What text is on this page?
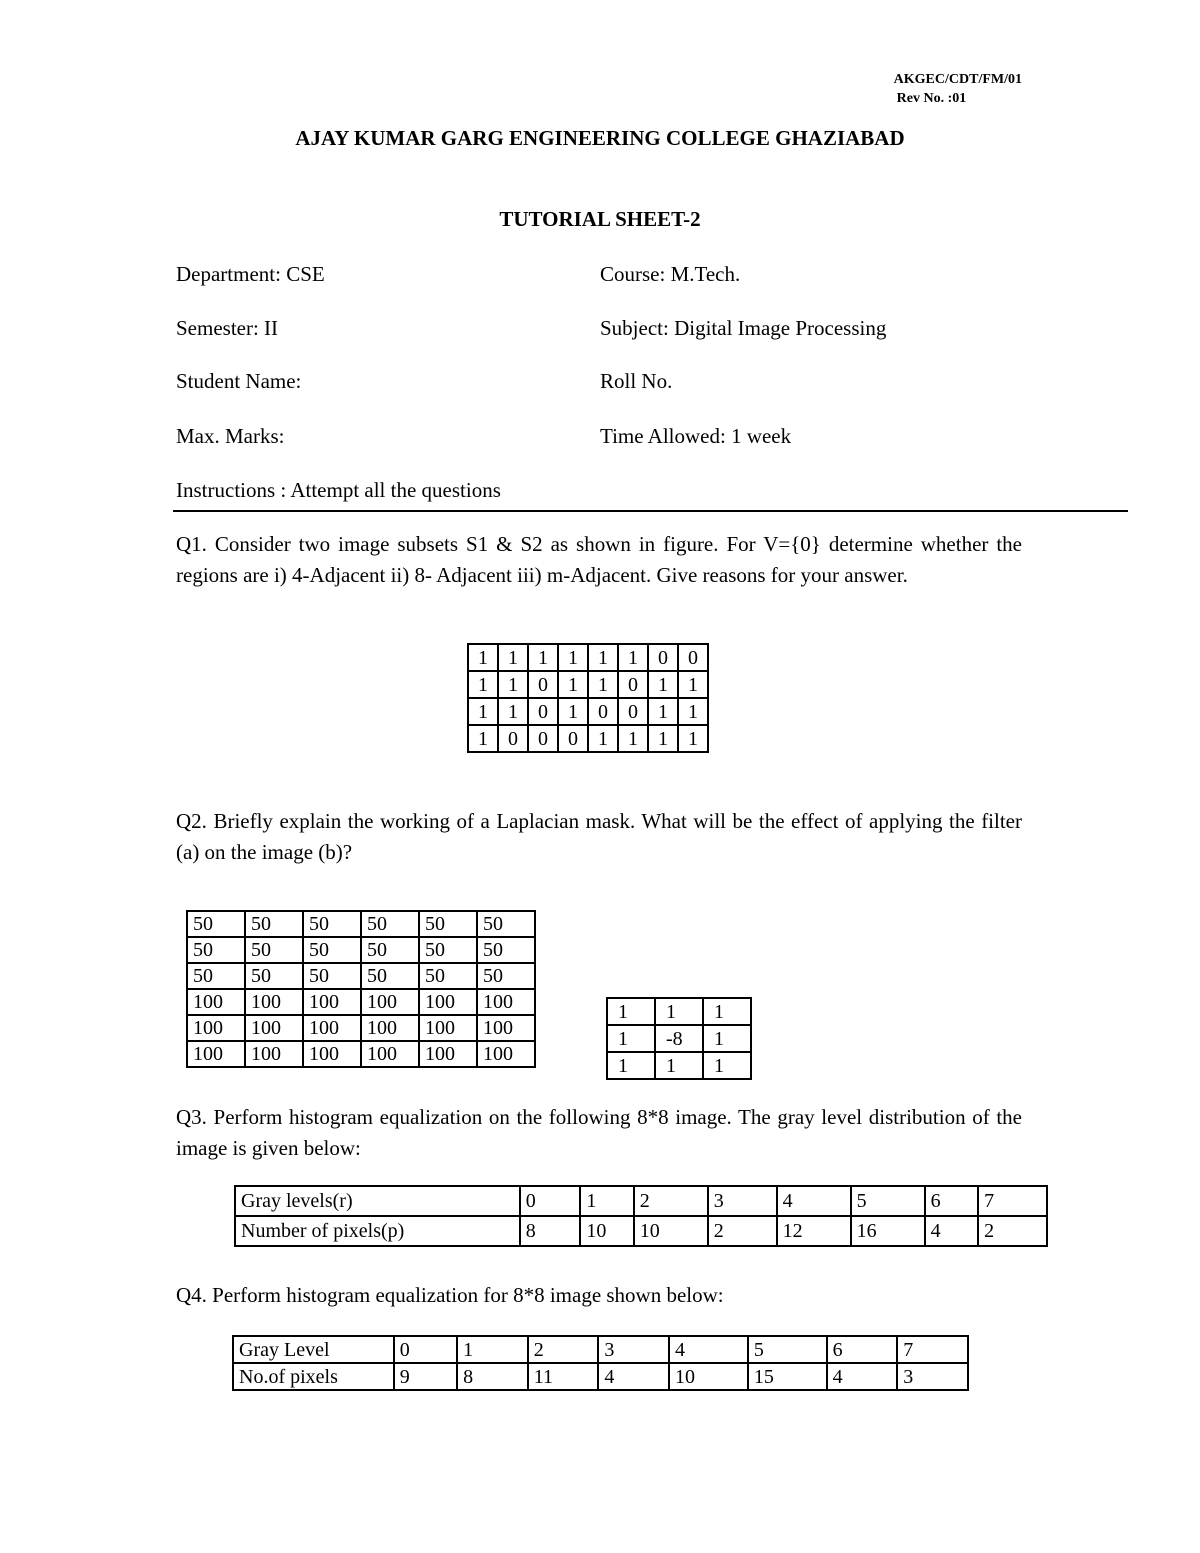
AKGEC/CDT/FM/01
Rev No. :01
AJAY KUMAR GARG ENGINEERING COLLEGE GHAZIABAD
TUTORIAL SHEET-2
Department: CSE	Course: M.Tech.
Semester: II	Subject: Digital Image Processing
Student Name:	Roll No.
Max. Marks:	Time Allowed: 1 week
Instructions : Attempt all the questions
Q1. Consider two image subsets S1 & S2 as shown in figure. For V={0} determine whether the regions are i) 4-Adjacent ii) 8- Adjacent iii) m-Adjacent. Give reasons for your answer.
1	1	1	1	1	1	0	0
1	1	0	1	1	0	1	1
1	1	0	1	0	0	1	1
1	0	0	0	1	1	1	1
Q2. Briefly explain the working of a Laplacian mask. What will be the effect of applying the filter (a) on the image (b)?
50	50	50	50	50	50
50	50	50	50	50	50
50	50	50	50	50	50
100	100	100	100	100	100
100	100	100	100	100	100
100	100	100	100	100	100
1	1	1
1	-8	1
1	1	1
Q3. Perform histogram equalization on the following 8*8 image. The gray level distribution of the image is given below:
Gray levels(r)	0	1	2	3	4	5	6	7
Number of pixels(p)	8	10	10	2	12	16	4	2
Q4. Perform histogram equalization for 8*8 image shown below:
Gray Level	0	1	2	3	4	5	6	7
No.of pixels	9	8	11	4	10	15	4	3
